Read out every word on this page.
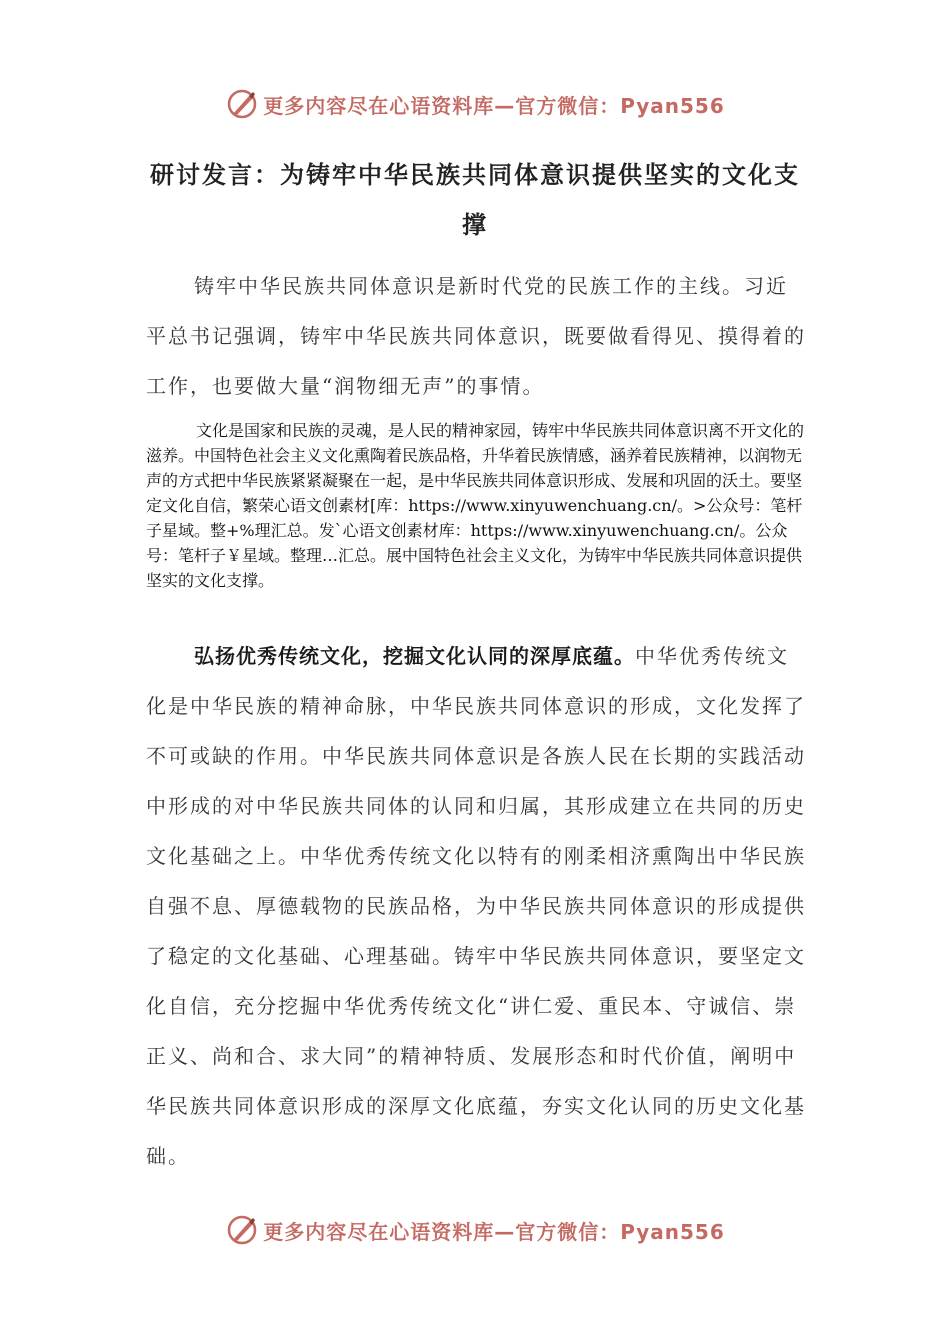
更多内容尽在心语资料库—官方微信：Pyan556
研讨发言：为铸牢中华民族共同体意识提供坚实的文化支撑

铸牢中华民族共同体意识是新时代党的民族工作的主线。习近平总书记强调，铸牢中华民族共同体意识，既要做看得见、摸得着的工作，也要做大量“润物细无声”的事情。

文化是国家和民族的灵魂，是人民的精神家园，铸牢中华民族共同体意识离不开文化的滋养。中国特色社会主义文化熏陶着民族品格，升华着民族情感，涵养着民族精神，以润物无声的方式把中华民族紧紧凝聚在一起，是中华民族共同体意识形成、发展和巩固的沃土。要坚定文化自信，繁荣心语文创素材[库：https://www.xinyuwenchuang.cn/。>公众号：笔杆子星域。整+%理汇总。发`心语文创素材库：https://www.xinyuwenchuang.cn/。公众号：笔杆子￥星域。整理…汇总。展中国特色社会主义文化，为铸牢中华民族共同体意识提供坚实的文化支撑。

弘扬优秀传统文化，挖掘文化认同的深厚底蕴。中华优秀传统文化是中华民族的精神命脉，中华民族共同体意识的形成，文化发挥了不可或缺的作用。中华民族共同体意识是各族人民在长期的实践活动中形成的对中华民族共同体的认同和归属，其形成建立在共同的历史文化基础之上。中华优秀传统文化以特有的刚柔相济熏陶出中华民族自强不息、厚德载物的民族品格，为中华民族共同体意识的形成提供了稳定的文化基础、心理基础。铸牢中华民族共同体意识，要坚定文化自信，充分挖掘中华优秀传统文化“讲仁爱、重民本、守诚信、崇正义、尚和合、求大同”的精神特质、发展形态和时代价值，阐明中华民族共同体意识形成的深厚文化底蕴，夯实文化认同的历史文化基础。

更多内容尽在心语资料库—官方微信：Pyan556
